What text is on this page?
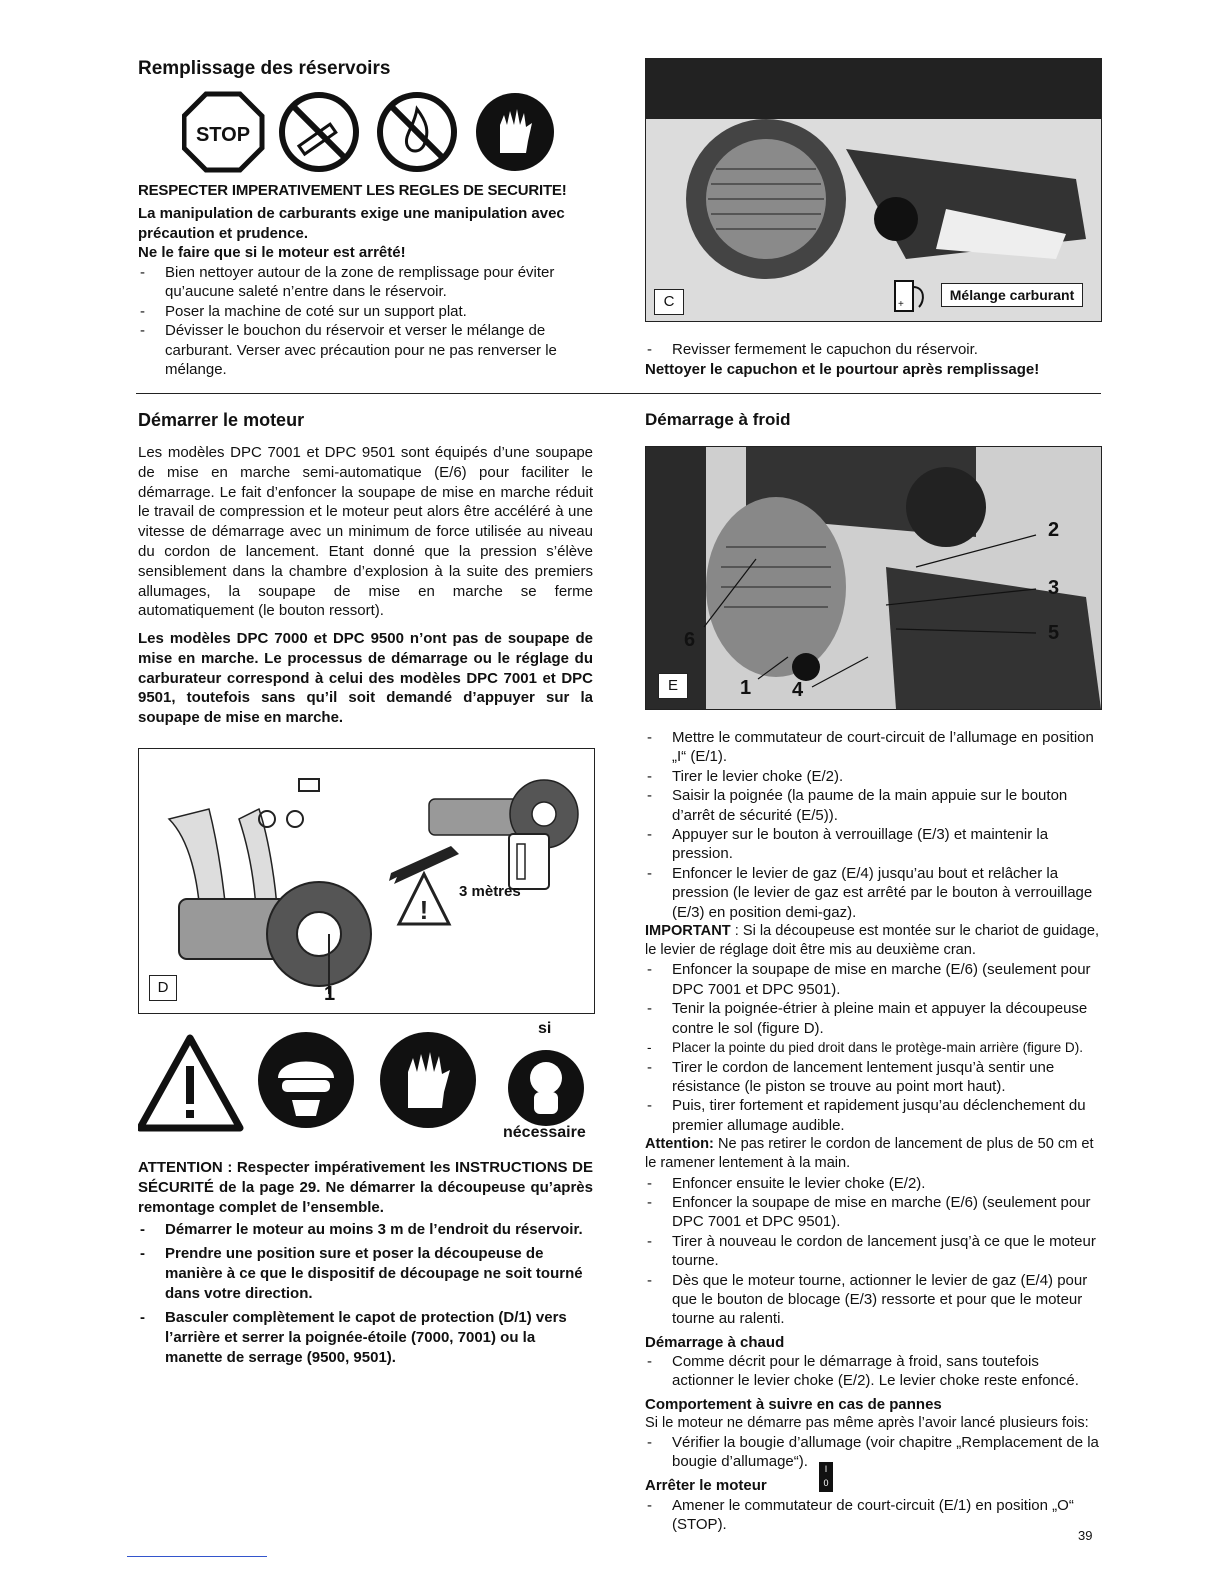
Remplissage des réservoirs
STOP

RESPECTER IMPERATIVEMENT LES REGLES DE SECURITE!

La manipulation de carburants exige une manipulation avec précaution et prudence.

Ne le faire que si le moteur est arrêté!

- Bien nettoyer autour de la zone de remplissage pour éviter qu’aucune saleté n’entre dans le réservoir.
- Poser la machine de coté sur un support plat.
- Dévisser le bouchon du réservoir et verser le mélange de carburant. Verser avec précaution pour ne pas renverser le mélange.
Démarrer le moteur

Les modèles DPC 7001 et DPC 9501 sont équipés d’une soupape de mise en marche semi-automatique (E/6) pour faciliter le démarrage. Le fait d’enfoncer la soupape de mise en marche réduit le travail de compression et le moteur peut alors être accéléré à une vitesse de démarrage avec un minimum de force utilisée au niveau du cordon de lancement. Etant donné que la pression s’élève sensiblement dans la chambre d’explosion à la suite des premiers allumages, la soupape de mise en marche se ferme automatiquement (le bouton ressort).

Les modèles DPC 7000 et DPC 9500 n’ont pas de soupape de mise en marche. Le processus de démarrage ou le réglage du carburateur correspond à celui des modèles DPC 7001 et DPC 9501, toutefois sans qu’il soit demandé d’appuyer sur la soupape de mise en marche.

!
D
3 mètres
1
si
nécessaire

ATTENTION : Respecter impérativement les INSTRUCTIONS DE SÉCURITÉ de la page 29. Ne démarrer la découpeuse qu’après remontage complet de l’ensemble.

- Démarrer le moteur au moins 3 m de l’endroit du réservoir.
- Prendre une position sure et poser la découpeuse de manière à ce que le dispositif de découpage ne soit tourné dans votre direction.
- Basculer complètement le capot de protection (D/1) vers l’arrière et serrer la poignée-étoile (7000, 7001) ou la manette de serrage (9500, 9501).
C	+
Mélange carburant
- Revisser fermement le capuchon du réservoir.

Nettoyer le capuchon et le pourtour après remplissage!

Démarrage à froid
E	1
2
3
4
5
6
- Mettre le commutateur de court-circuit de l’allumage en position „I“ (E/1).
- Tirer le levier choke (E/2).
- Saisir la poignée (la paume de la main appuie sur le bouton d’arrêt de sécurité (E/5)).
- Appuyer sur le bouton à verrouillage (E/3) et maintenir la pression.
- Enfoncer le levier de gaz (E/4) jusqu’au bout et relâcher la pression (le levier de gaz est arrêté par le bouton à verrouillage (E/3) en position demi-gaz).

IMPORTANT : Si la découpeuse est montée sur le chariot de guidage, le levier de réglage doit être mis au deuxième cran.

- Enfoncer la soupape de mise en marche (E/6) (seulement pour DPC 7001 et DPC 9501).
- Tenir la poignée-étrier à pleine main et appuyer la découpeuse contre le sol (figure D).
- Placer la pointe du pied droit dans le protège-main arrière (figure D).
- Tirer le cordon de lancement lentement jusqu’à sentir une résistance (le piston se trouve au point mort haut).
- Puis, tirer fortement et rapidement jusqu’au déclenchement du premier allumage audible.

Attention: Ne pas retirer le cordon de lancement de plus de 50 cm et le ramener lentement à la main.

- Enfoncer ensuite le levier choke (E/2).
- Enfoncer la soupape de mise en marche (E/6) (seulement pour DPC 7001 et DPC 9501).
- Tirer à nouveau le cordon de lancement jusq’à ce que le moteur tourne.
- Dès que le moteur tourne, actionner le levier de gaz (E/4) pour que le bouton de blocage (E/3) ressorte et pour que le moteur tourne au ralenti.

Démarrage à chaud

- Comme décrit pour le démarrage à froid, sans toutefois actionner le levier choke (E/2). Le levier choke reste enfoncé.

Comportement à suivre en cas de pannes

Si le moteur ne démarre pas même après l’avoir lancé plusieurs fois:

- Vérifier la bougie d’allumage (voir chapitre „Remplacement de la bougie d’allumage“).

Arrêter le moteur

I
0
- Amener le commutateur de court-circuit (E/1) en position „O“ (STOP).
39
